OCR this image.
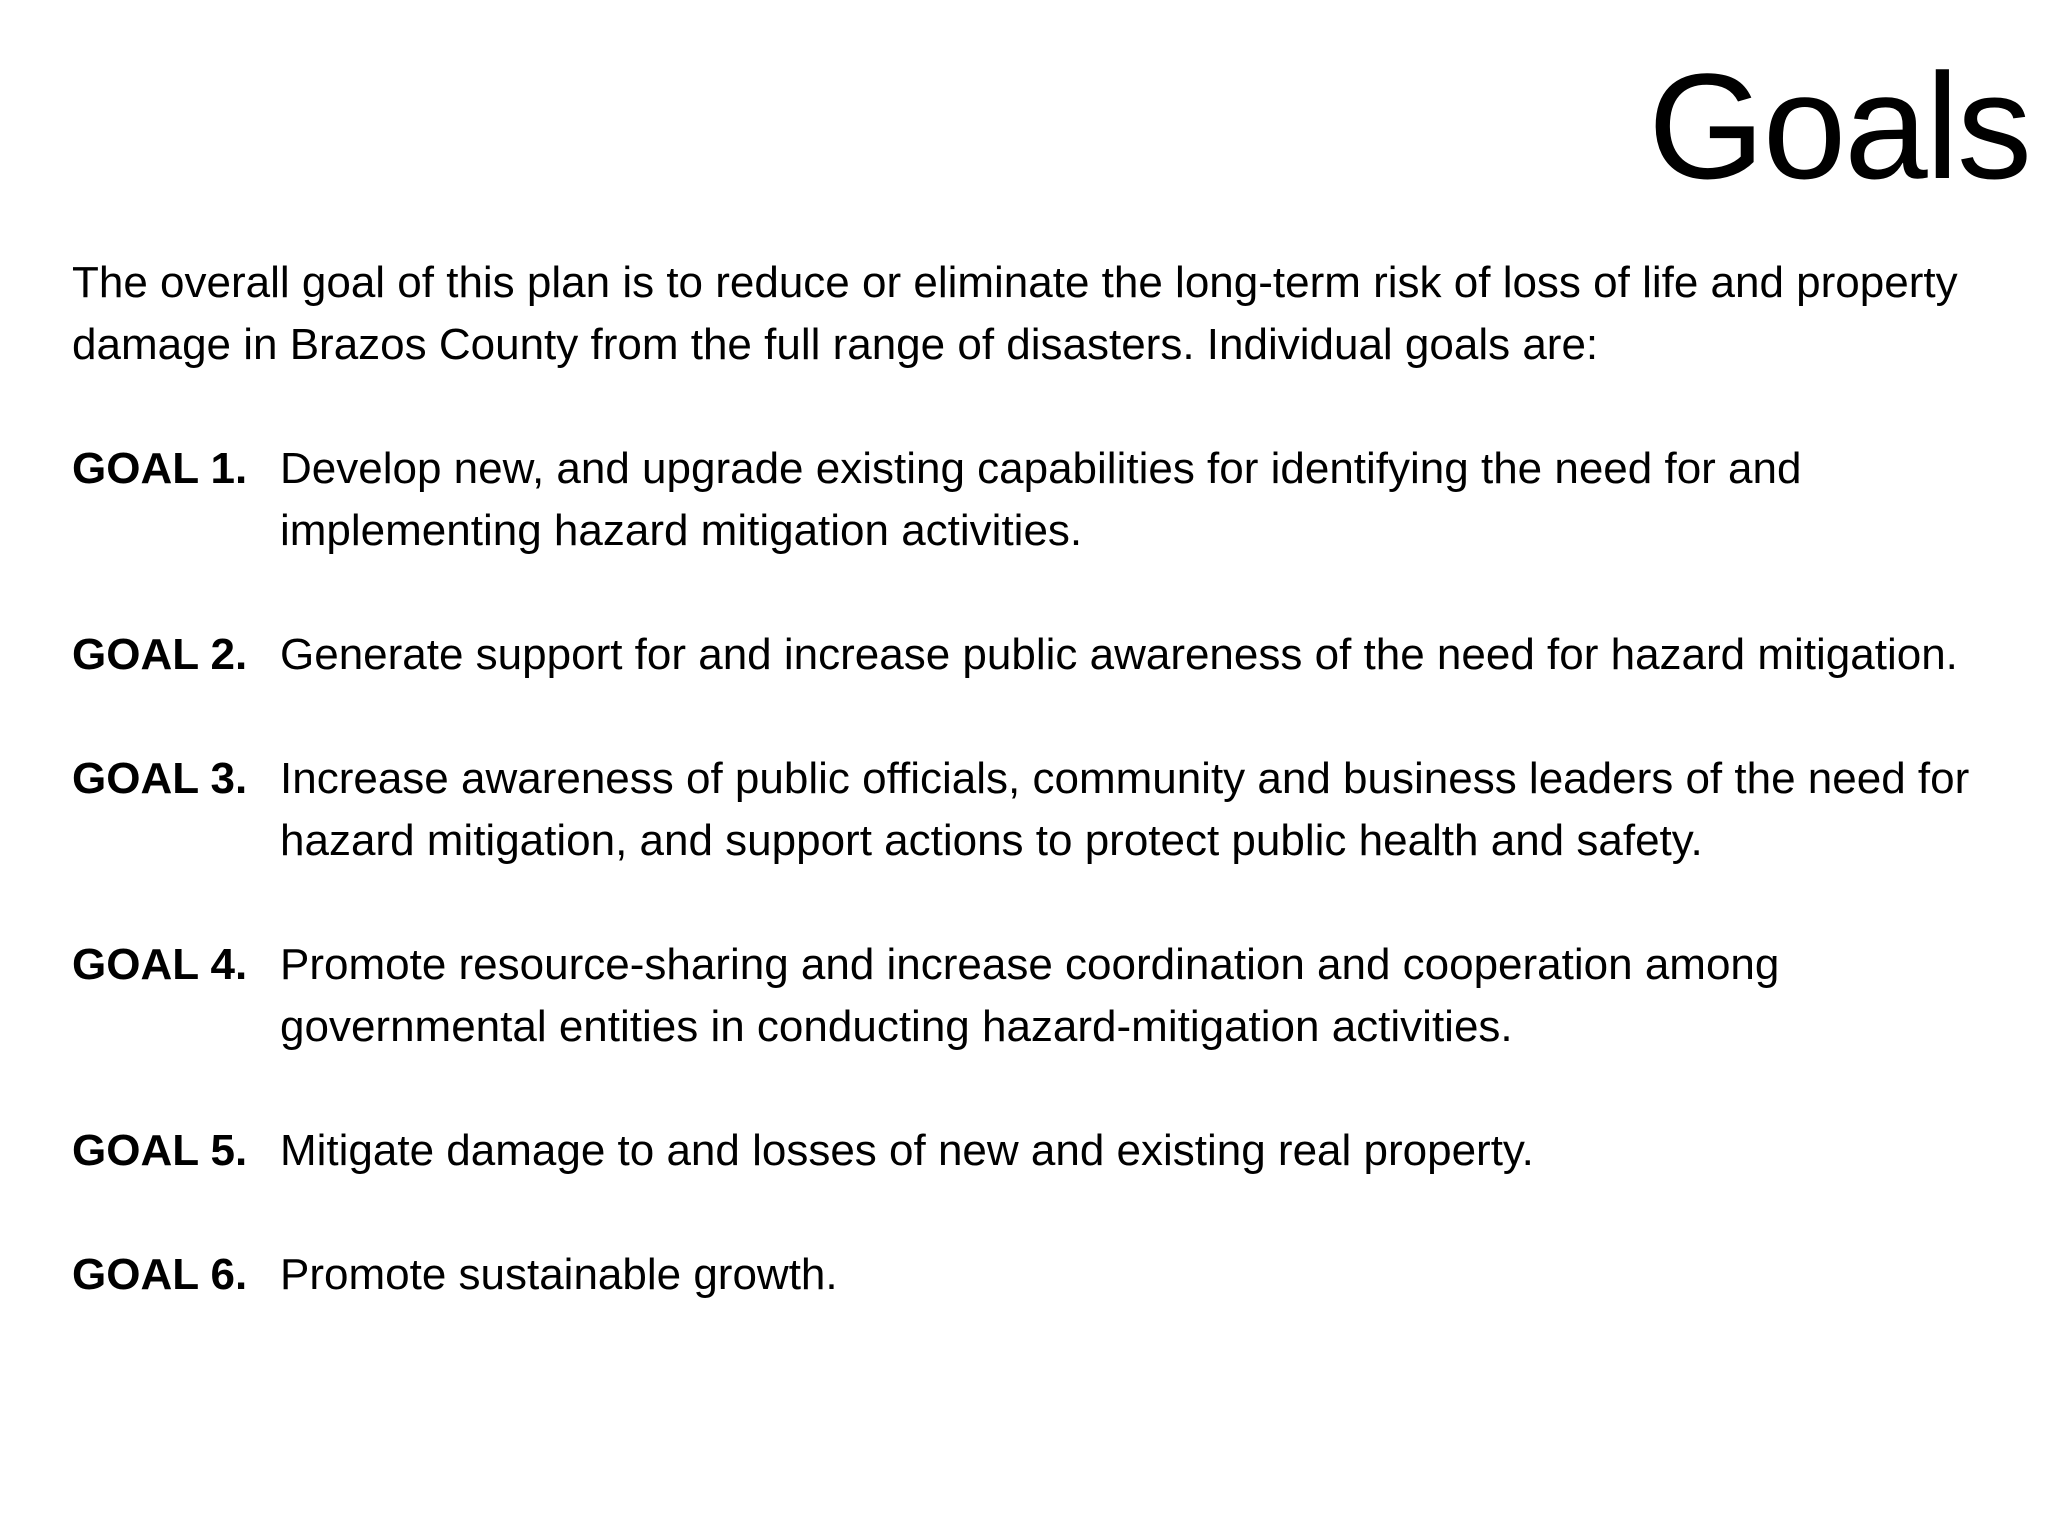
Goals

The overall goal of this plan is to reduce or eliminate the long-term risk of loss of life and property damage in Brazos County from the full range of disasters. Individual goals are:

GOAL 1. Develop new, and upgrade existing capabilities for identifying the need for and implementing hazard mitigation activities.
GOAL 2. Generate support for and increase public awareness of the need for hazard mitigation.
GOAL 3. Increase awareness of public officials, community and business leaders of the need for hazard mitigation, and support actions to protect public health and safety.
GOAL 4. Promote resource-sharing and increase coordination and cooperation among governmental entities in conducting hazard-mitigation activities.
GOAL 5. Mitigate damage to and losses of new and existing real property.
GOAL 6. Promote sustainable growth.
